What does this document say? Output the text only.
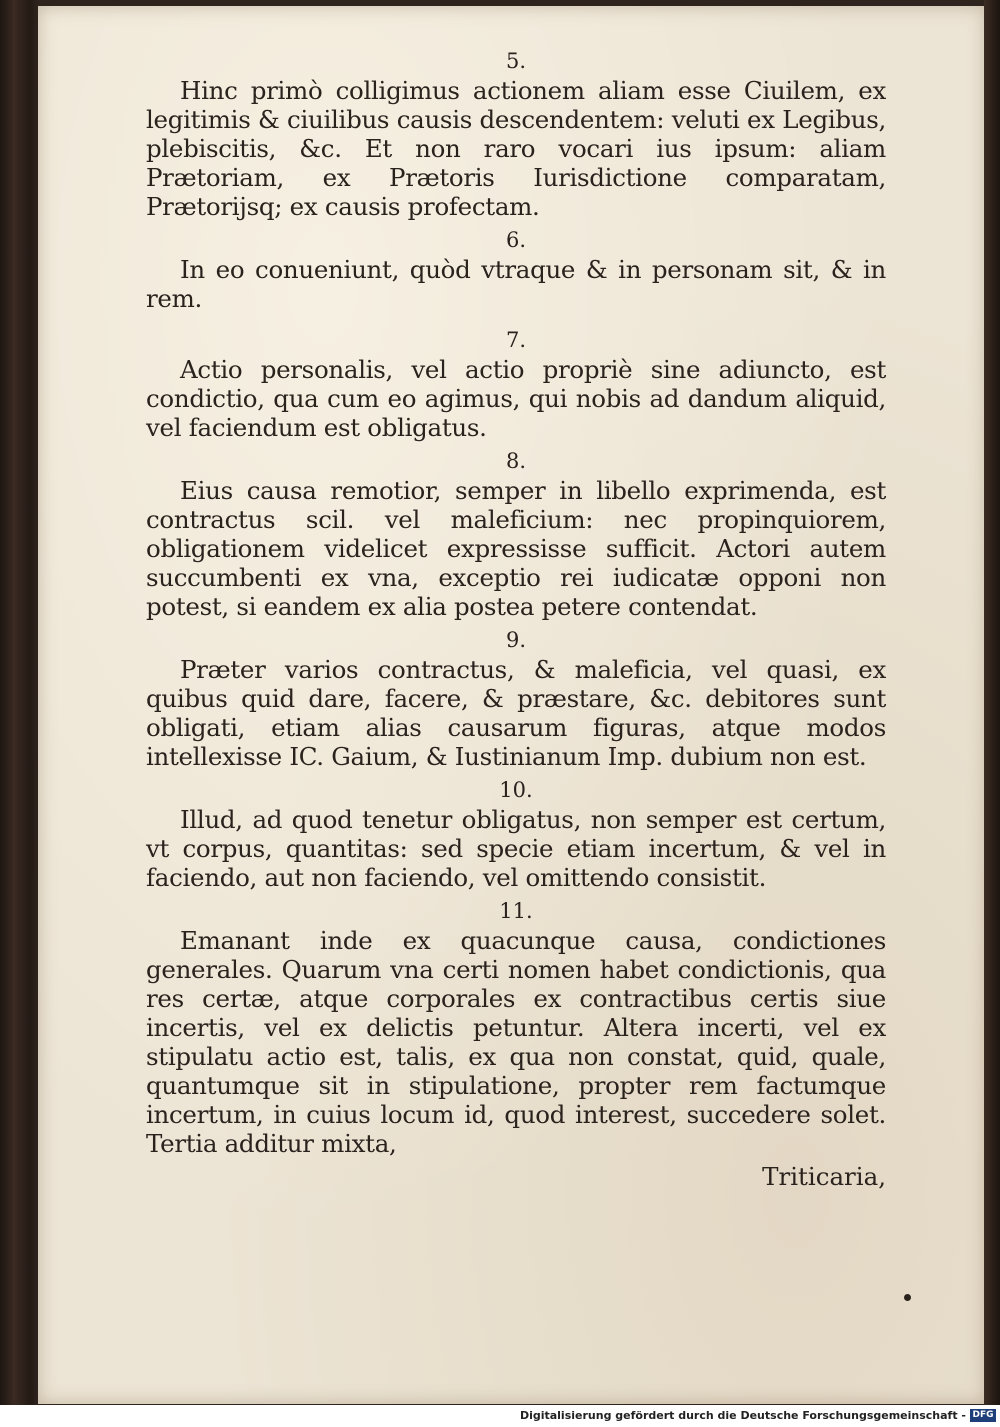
5.

Hinc primò colligimus actionem aliam esse Ciuilem, ex legitimis & ciuilibus causis descendentem: veluti ex Legibus, plebiscitis, &c. Et non raro vocari ius ipsum: aliam Prætoriam, ex Prætoris Iurisdictione comparatam, Prætorijsq; ex causis profectam.

6.

In eo conueniunt, quòd vtraque & in personam sit, & in rem.

7.

Actio personalis, vel actio propriè sine adiuncto, est condictio, qua cum eo agimus, qui nobis ad dandum aliquid, vel faciendum est obligatus.

8.

Eius causa remotior, semper in libello exprimenda, est contractus scil. vel maleficium: nec propinquiorem, obligationem videlicet expressisse sufficit. Actori autem succumbenti ex vna, exceptio rei iudicatæ opponi non potest, si eandem ex alia postea petere contendat.

9.

Præter varios contractus, & maleficia, vel quasi, ex quibus quid dare, facere, & præstare, &c. debitores sunt obligati, etiam alias causarum figuras, atque modos intellexisse IC. Gaium, & Iustinianum Imp. dubium non est.

10.

Illud, ad quod tenetur obligatus, non semper est certum, vt corpus, quantitas: sed specie etiam incertum, & vel in faciendo, aut non faciendo, vel omittendo consistit.

11.

Emanant inde ex quacunque causa, condictiones generales. Quarum vna certi nomen habet condictionis, qua res certæ, atque corporales ex contractibus certis siue incertis, vel ex delictis petuntur. Altera incerti, vel ex stipulatu actio est, talis, ex qua non constat, quid, quale, quantumque sit in stipulatione, propter rem factumque incertum, in cuius locum id, quod interest, succedere solet. Tertia additur mixta,

Triticaria,
Digitalisierung gefördert durch die Deutsche Forschungsgemeinschaft - DFG
